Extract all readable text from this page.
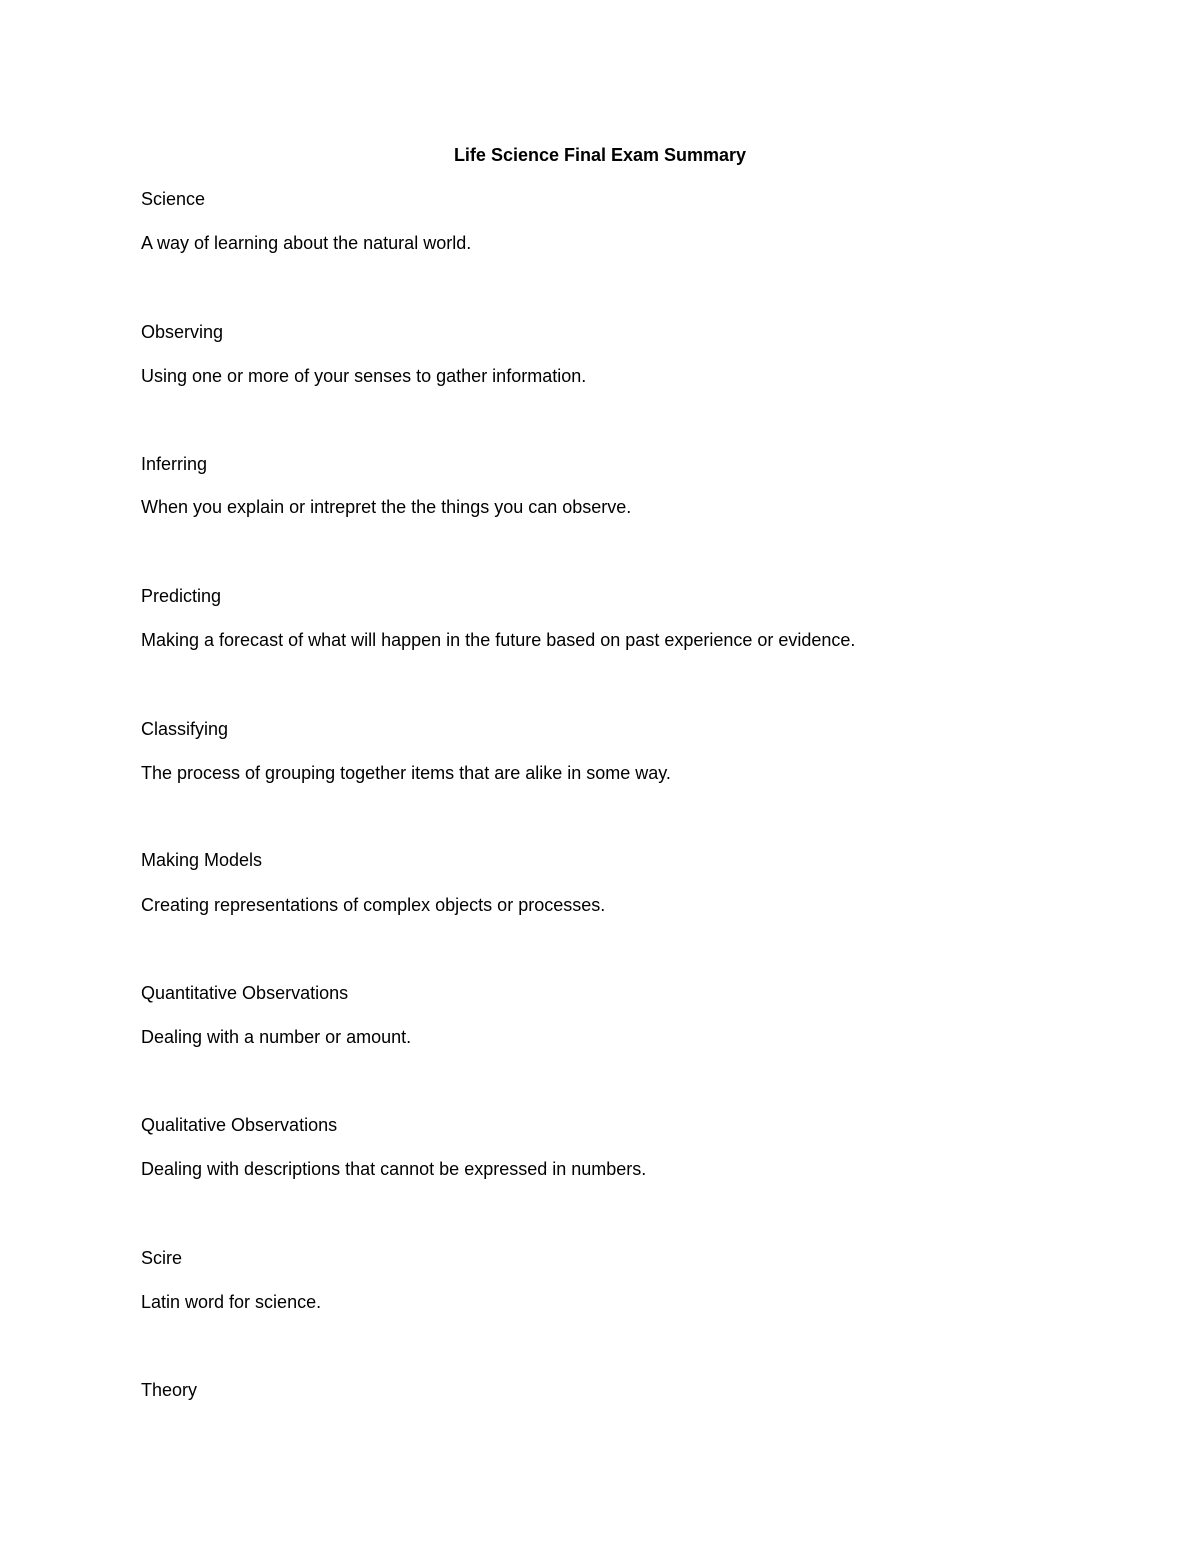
Life Science Final Exam Summary
Science
A way of learning about the natural world.
Observing
Using one or more of your senses to gather information.
Inferring
When you explain or intrepret the the things you can observe.
Predicting
Making a forecast of what will happen in the future based on past experience or evidence.
Classifying
The process of grouping together items that are alike in some way.
Making Models
Creating representations of complex objects or processes.
Quantitative Observations
Dealing with a number or amount.
Qualitative Observations
Dealing with descriptions that cannot be expressed in numbers.
Scire
Latin word for science.
Theory
